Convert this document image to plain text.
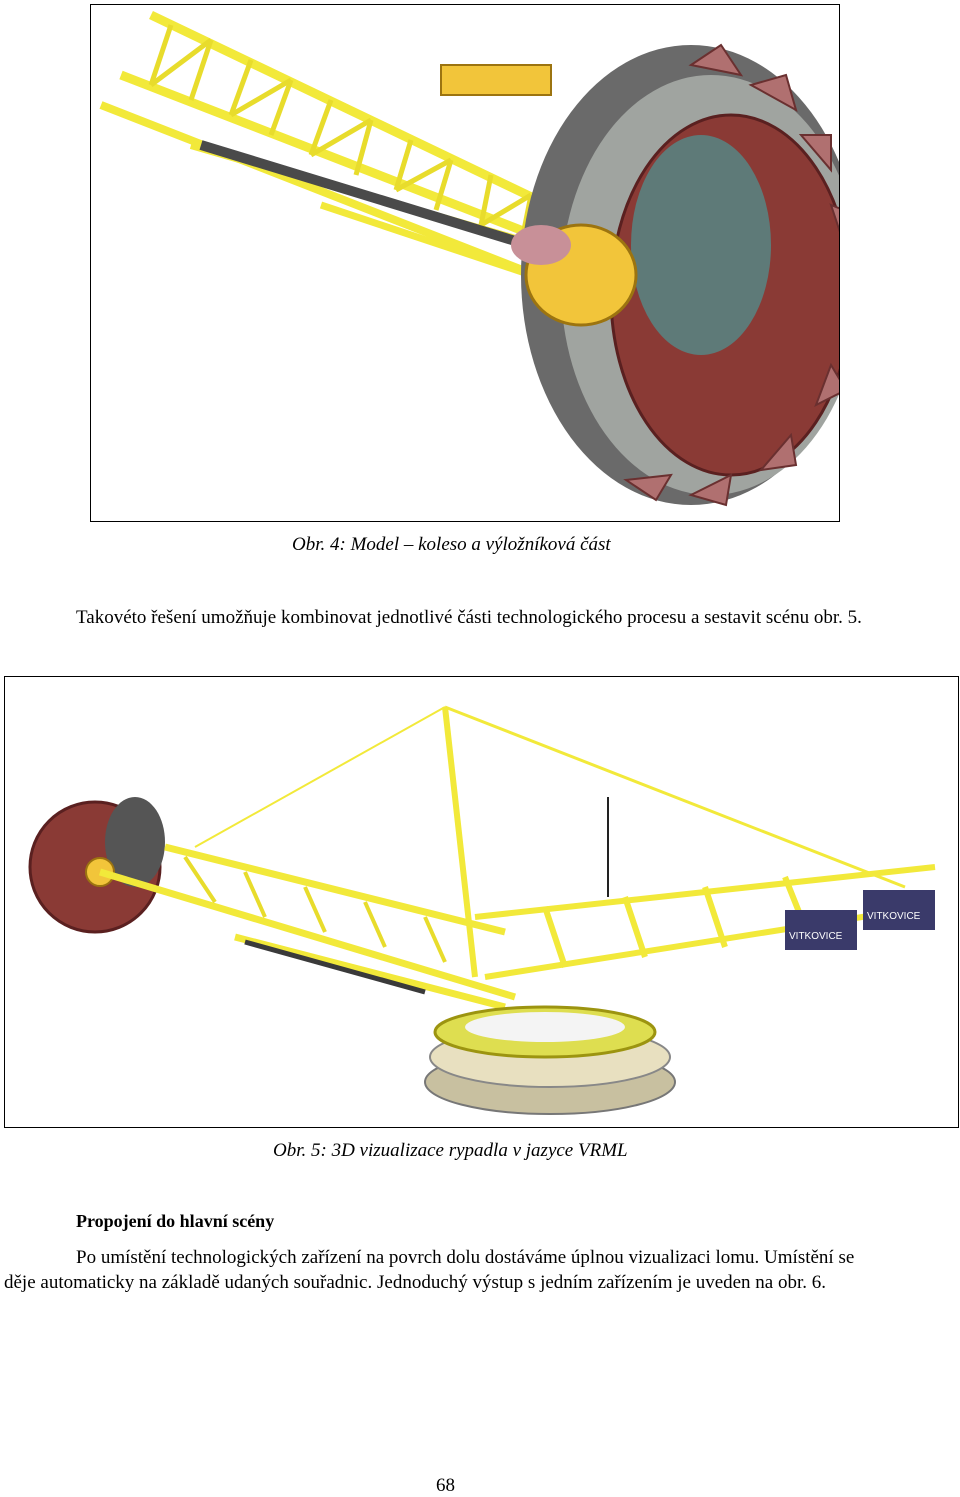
Obr. 4: Model – koleso a výložníková část
Takovéto řešení umožňuje kombinovat jednotlivé části technologického procesu a sestavit scénu obr. 5.
VITKOVICE
VITKOVICE
Obr. 5: 3D vizualizace rypadla v jazyce VRML
Propojení do hlavní scény
Po umístění technologických zařízení na povrch dolu dostáváme úplnou vizualizaci lomu. Umístění se
děje automaticky na základě udaných souřadnic. Jednoduchý výstup s jedním zařízením je uveden na obr. 6.
68
